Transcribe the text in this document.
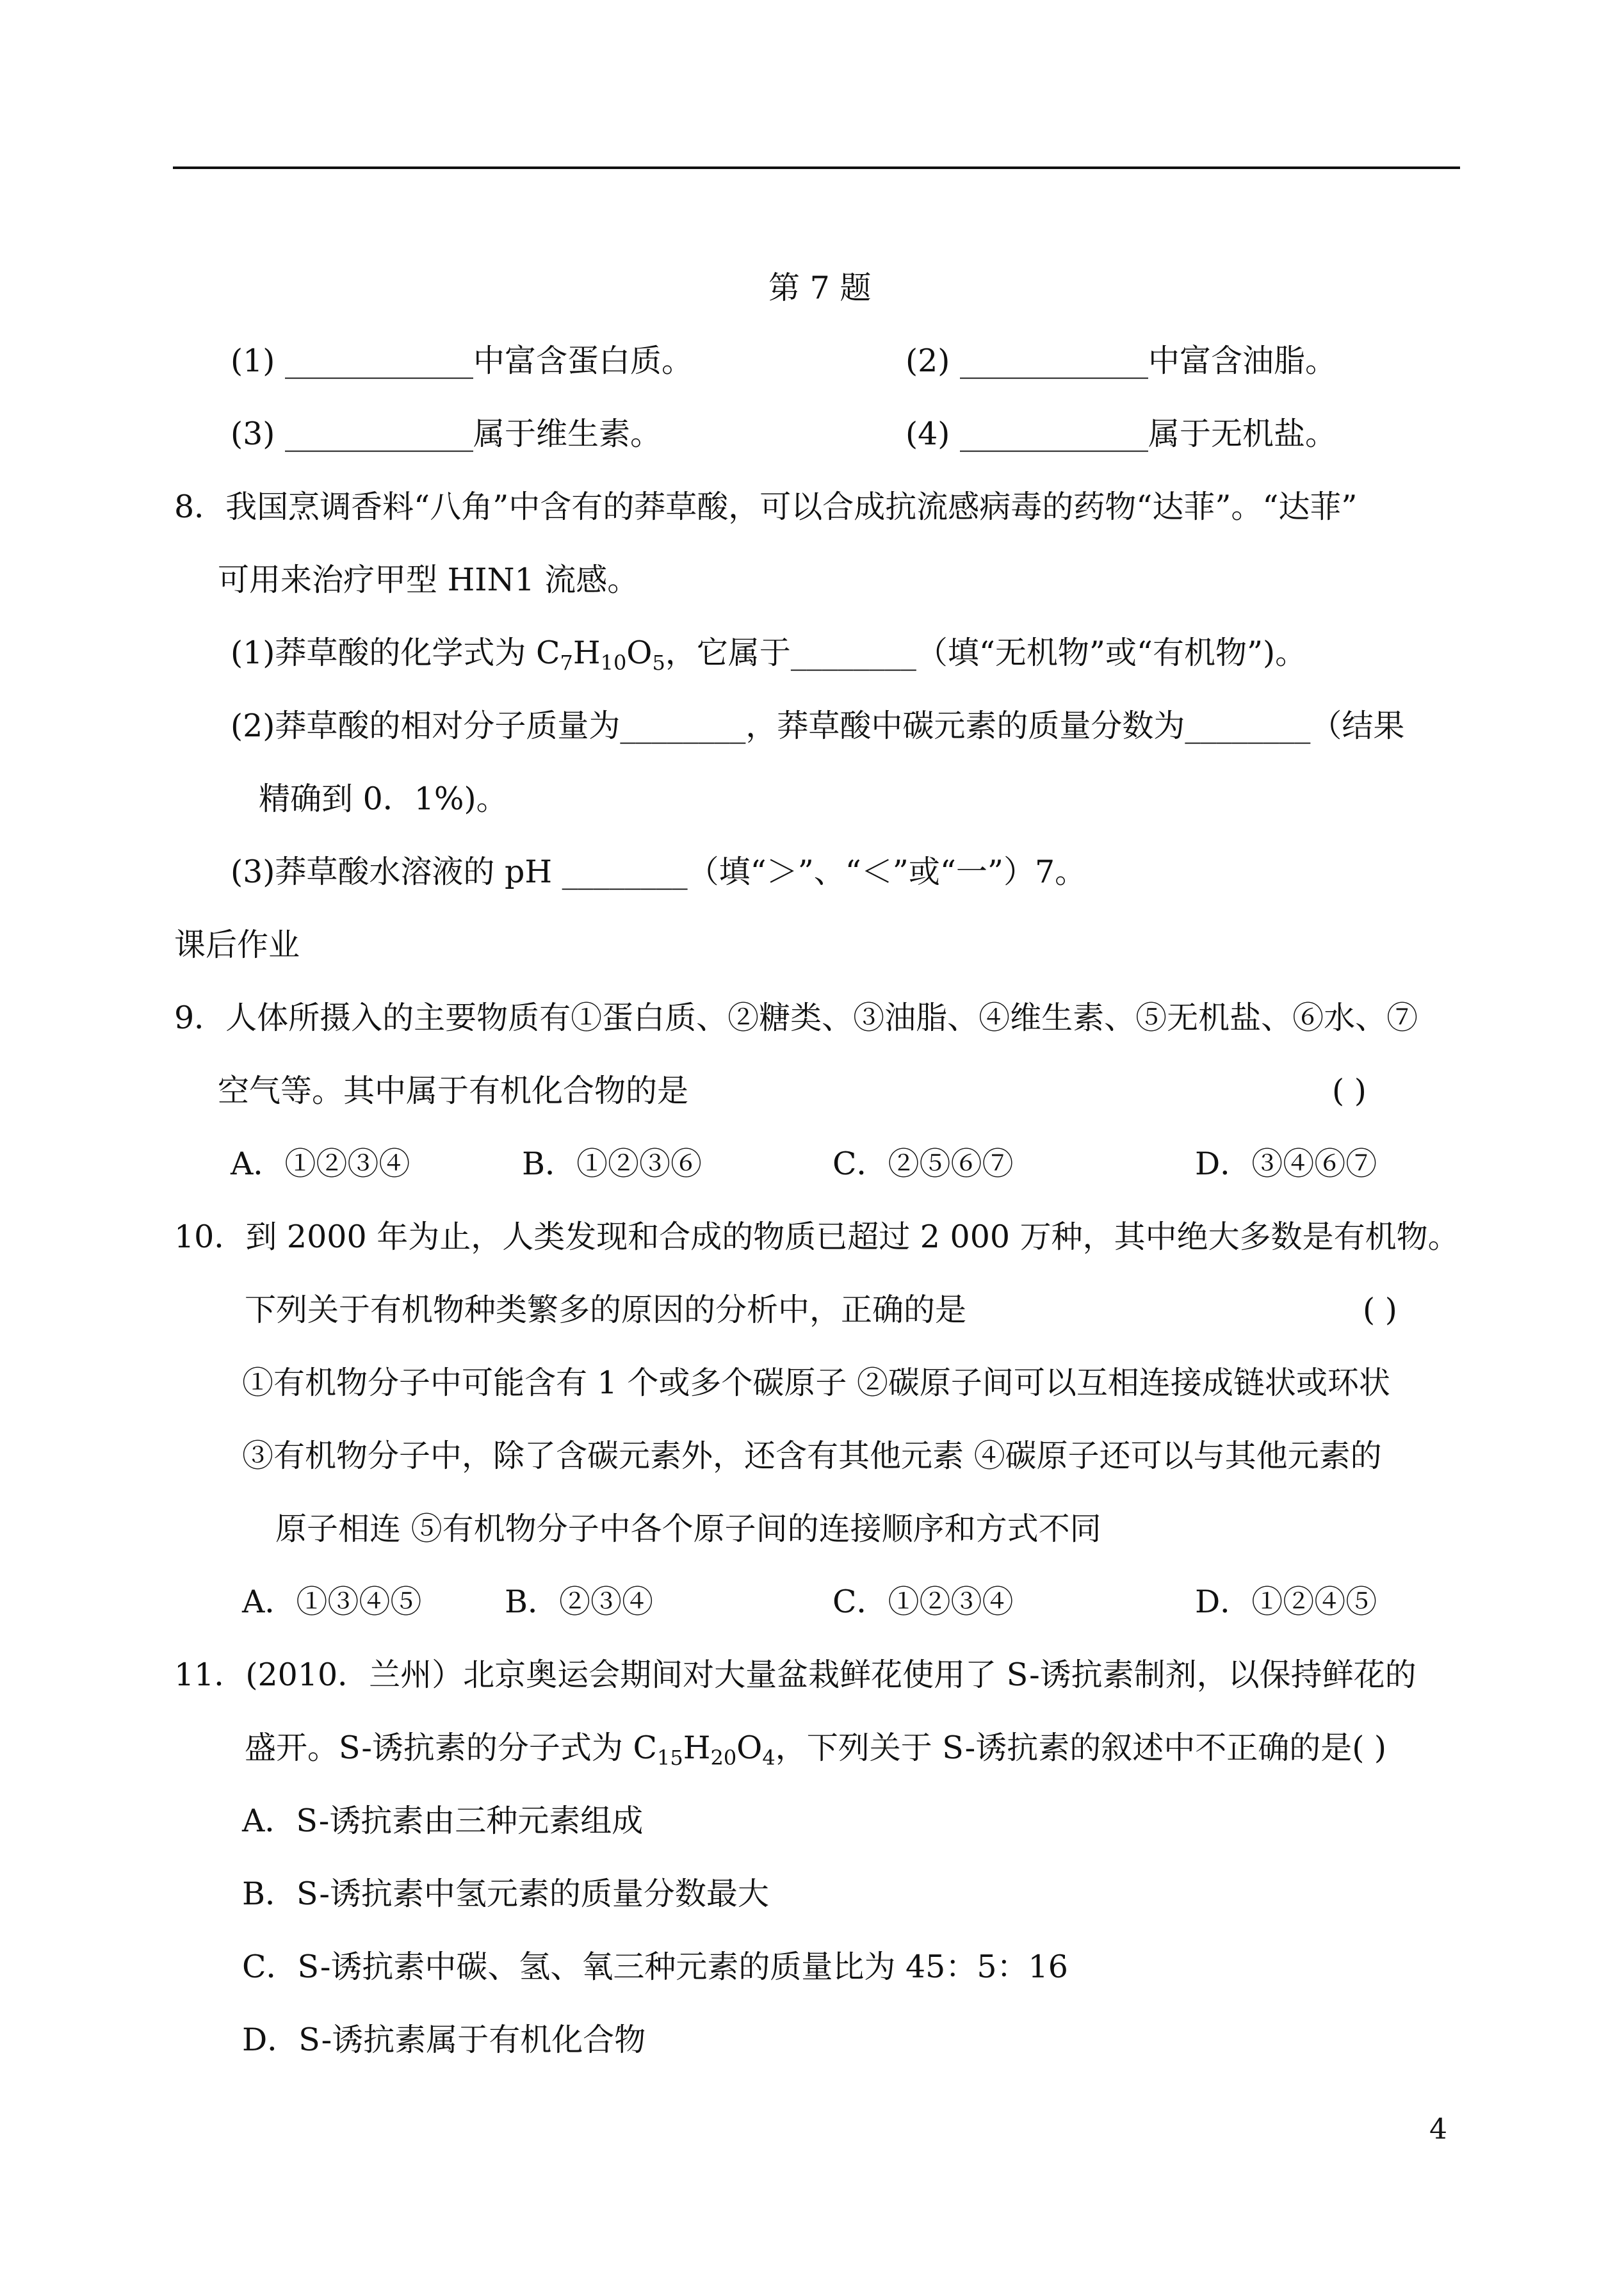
第 7 题
(1) ____________中富含蛋白质。	(2) ____________中富含油脂。
(3) ____________属于维生素。	(4) ____________属于无机盐。
8．我国烹调香料“八角”中含有的莽草酸，可以合成抗流感病毒的药物“达菲”。“达菲”
可用来治疗甲型 HIN1 流感。
(1)莽草酸的化学式为 $C_7H_{10}O_5$，它属于________（填“无机物”或“有机物”)。
(2)莽草酸的相对分子质量为________，莽草酸中碳元素的质量分数为________（结果
精确到 0．1%)。
(3)莽草酸水溶液的 pH ________（填“＞”、“＜”或“一”）7。
课后作业
9．人体所摄入的主要物质有①蛋白质、②糖类、③油脂、④维生素、⑤无机盐、⑥水、⑦
空气等。其中属于有机化合物的是	( )
A．①②③④	B．①②③⑥	C．②⑤⑥⑦	D．③④⑥⑦
10．到 2000 年为止，人类发现和合成的物质已超过 2 000 万种，其中绝大多数是有机物。
下列关于有机物种类繁多的原因的分析中，正确的是	( )
①有机物分子中可能含有 1 个或多个碳原子 ②碳原子间可以互相连接成链状或环状
③有机物分子中，除了含碳元素外，还含有其他元素 ④碳原子还可以与其他元素的
原子相连 ⑤有机物分子中各个原子间的连接顺序和方式不同
A．①③④⑤	B．②③④	C．①②③④	D．①②④⑤
11．(2010．兰州）北京奥运会期间对大量盆栽鲜花使用了 S-诱抗素制剂，以保持鲜花的
盛开。S-诱抗素的分子式为 $C_{15}H_{20}O_4$，下列关于 S-诱抗素的叙述中不正确的是( )
A．S-诱抗素由三种元素组成
B．S-诱抗素中氢元素的质量分数最大
C．S-诱抗素中碳、氢、氧三种元素的质量比为 45：5：16
D．S-诱抗素属于有机化合物
4
